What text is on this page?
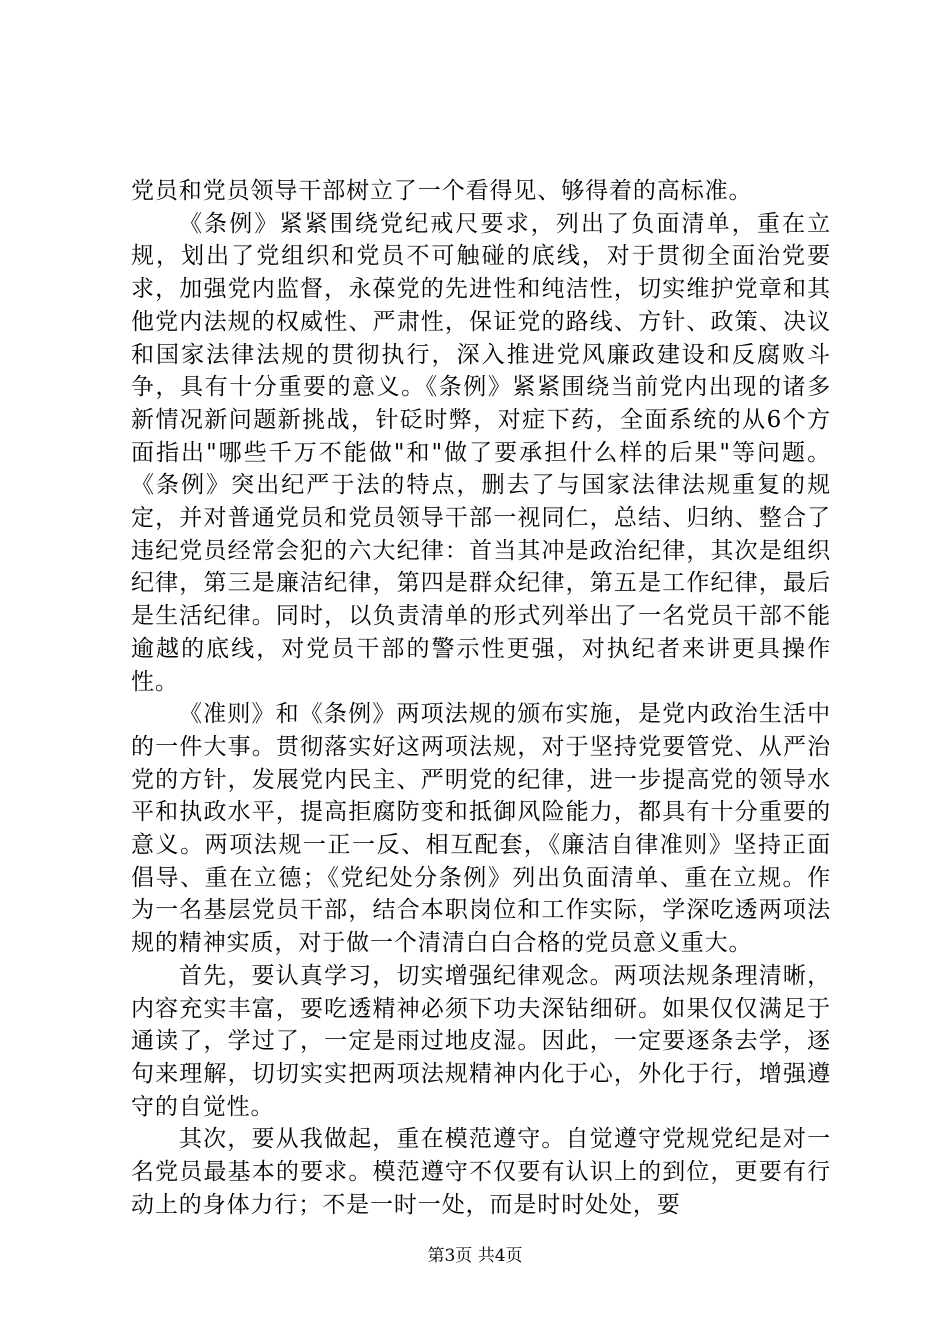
党员和党员领导干部树立了一个看得见、够得着的高标准。

《条例》紧紧围绕党纪戒尺要求，列出了负面清单，重在立规，划出了党组织和党员不可触碰的底线，对于贯彻全面治党要求，加强党内监督，永葆党的先进性和纯洁性，切实维护党章和其他党内法规的权威性、严肃性，保证党的路线、方针、政策、决议和国家法律法规的贯彻执行，深入推进党风廉政建设和反腐败斗争，具有十分重要的意义。《条例》紧紧围绕当前党内出现的诸多新情况新问题新挑战，针砭时弊，对症下药，全面系统的从6个方面指出"哪些千万不能做"和"做了要承担什么样的后果"等问题。《条例》突出纪严于法的特点，删去了与国家法律法规重复的规定，并对普通党员和党员领导干部一视同仁，总结、归纳、整合了违纪党员经常会犯的六大纪律：首当其冲是政治纪律，其次是组织纪律，第三是廉洁纪律，第四是群众纪律，第五是工作纪律，最后是生活纪律。同时，以负责清单的形式列举出了一名党员干部不能逾越的底线，对党员干部的警示性更强，对执纪者来讲更具操作性。

《准则》和《条例》两项法规的颁布实施，是党内政治生活中的一件大事。贯彻落实好这两项法规，对于坚持党要管党、从严治党的方针，发展党内民主、严明党的纪律，进一步提高党的领导水平和执政水平，提高拒腐防变和抵御风险能力，都具有十分重要的意义。两项法规一正一反、相互配套，《廉洁自律准则》坚持正面倡导、重在立德；《党纪处分条例》列出负面清单、重在立规。作为一名基层党员干部，结合本职岗位和工作实际，学深吃透两项法规的精神实质，对于做一个清清白白合格的党员意义重大。

首先，要认真学习，切实增强纪律观念。两项法规条理清晰，内容充实丰富，要吃透精神必须下功夫深钻细研。如果仅仅满足于通读了，学过了，一定是雨过地皮湿。因此，一定要逐条去学，逐句来理解，切切实实把两项法规精神内化于心，外化于行，增强遵守的自觉性。

其次，要从我做起，重在模范遵守。自觉遵守党规党纪是对一名党员最基本的要求。模范遵守不仅要有认识上的到位，更要有行动上的身体力行；不是一时一处，而是时时处处，要

第3页 共4页
